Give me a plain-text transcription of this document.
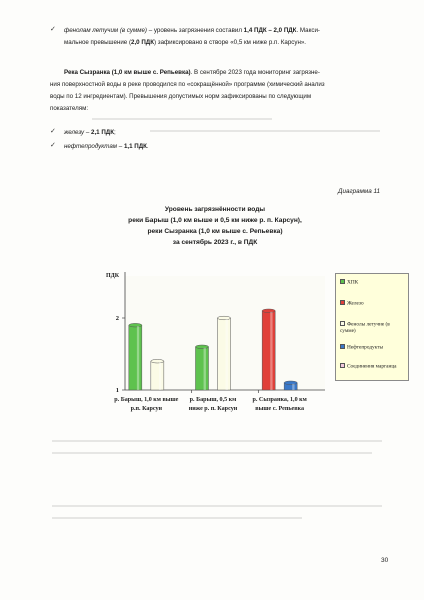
✓ фенолам летучим (в сумме) – уровень загрязнения составил 1,4 ПДК – 2,0 ПДК. Макси-
мальное превышение (2,0 ПДК) зафиксировано в створе «0,5 км ниже р.п. Карсун».
Река Сызранка (1,0 км выше с. Репьевка). В сентябре 2023 года мониторинг загрязне-
ния поверхностной воды в реке проводился по «сокращённой» программе (химический анализ
воды по 12 ингредиентам). Превышения допустимых норм зафиксированы по следующим
показателям:
✓ железу – 2,1 ПДК;
✓ нефтепродуктам – 1,1 ПДК.
Диаграмма 11
Уровень загрязнённости воды
реки Барыш (1,0 км выше и 0,5 км ниже р. п. Карсун),
реки Сызранка (1,0 км выше с. Репьевка)
за сентябрь 2023 г., в ПДК
ПДК
1
2
р. Барыш, 1,0 км выше
р.п. Карсун
р. Барыш, 0,5 км
ниже р. п. Карсун
р. Сызранка, 1,0 км
выше с. Репьевка
ХПК
Железо
Фенолы летучие (в сумме)
Нефтепродукты
Соединения марганца
30
